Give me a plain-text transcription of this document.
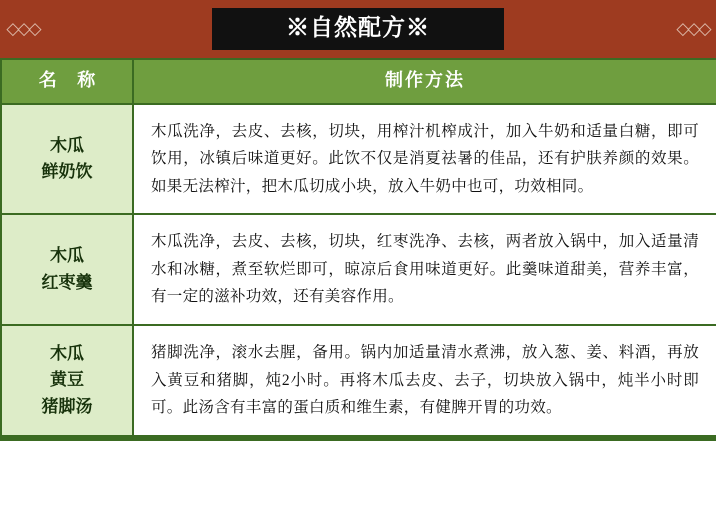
◇◇◇	※自然配方※	◇◇◇
名 称	制作方法

木瓜
鲜奶饮	木瓜洗净，去皮、去核，切块，用榨汁机榨成汁，加入牛奶和适量白糖，即可饮用，冰镇后味道更好。此饮不仅是消夏祛暑的佳品，还有护肤养颜的效果。如果无法榨汁，把木瓜切成小块，放入牛奶中也可，功效相同。

木瓜
红枣羹	木瓜洗净，去皮、去核，切块，红枣洗净、去核，两者放入锅中，加入适量清水和冰糖，煮至软烂即可，晾凉后食用味道更好。此羹味道甜美，营养丰富，有一定的滋补功效，还有美容作用。

木瓜
黄豆
猪脚汤	猪脚洗净，滚水去腥，备用。锅内加适量清水煮沸，放入葱、姜、料酒，再放入黄豆和猪脚，炖2小时。再将木瓜去皮、去子，切块放入锅中，炖半小时即可。此汤含有丰富的蛋白质和维生素，有健脾开胃的功效。
